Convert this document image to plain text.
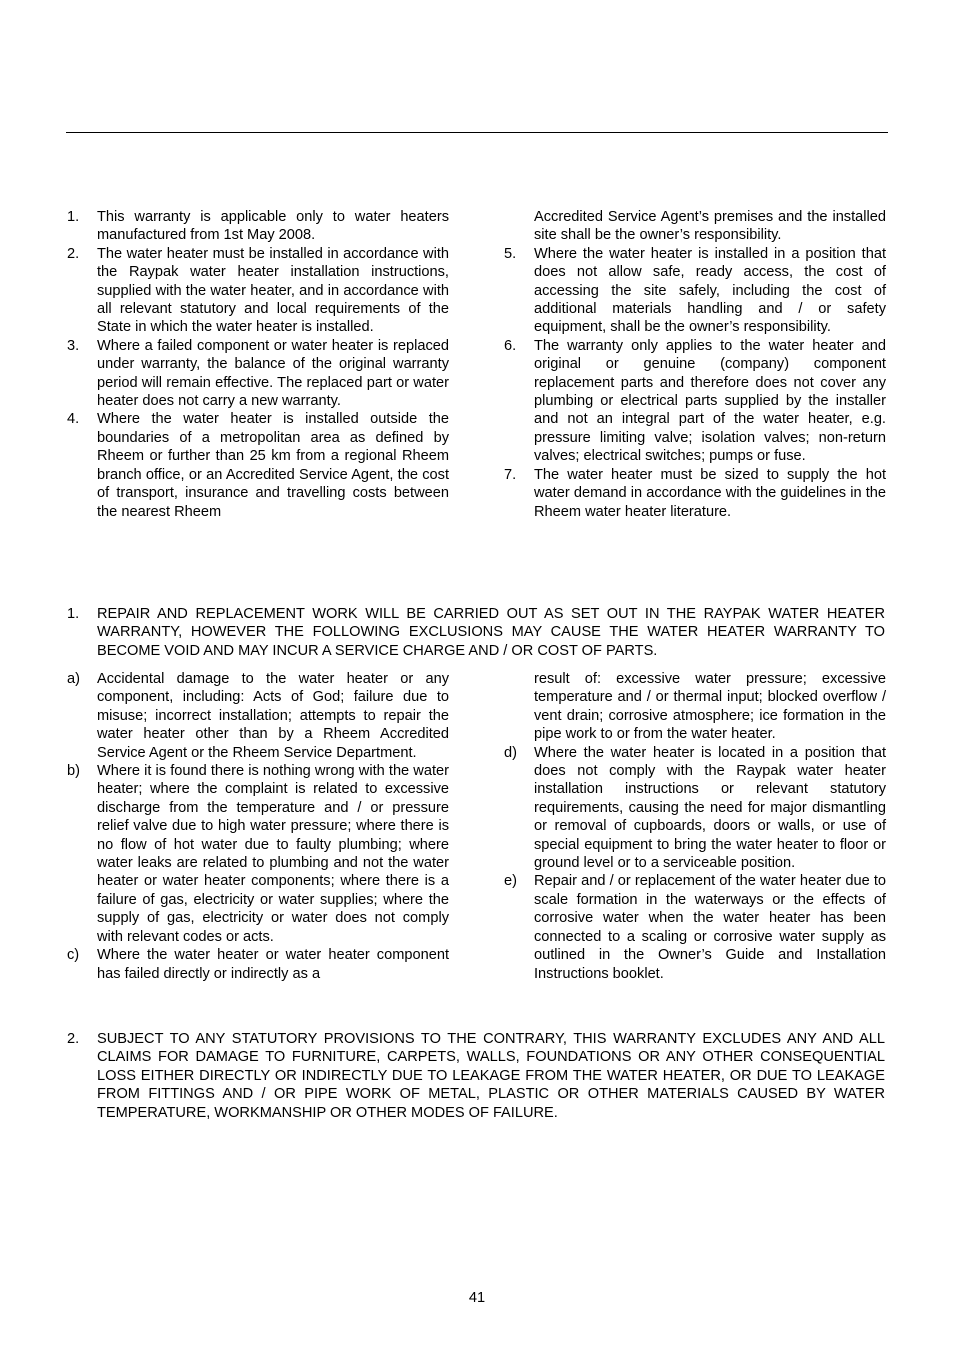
1. This warranty is applicable only to water heaters manufactured from 1st May 2008.
2. The water heater must be installed in accordance with the Raypak water heater installation instructions, supplied with the water heater, and in accordance with all relevant statutory and local requirements of the State in which the water heater is installed.
3. Where a failed component or water heater is replaced under warranty, the balance of the original warranty period will remain effective. The replaced part or water heater does not carry a new warranty.
4. Where the water heater is installed outside the boundaries of a metropolitan area as defined by Rheem or further than 25 km from a regional Rheem branch office, or an Accredited Service Agent, the cost of transport, insurance and travelling costs between the nearest Rheem
Accredited Service Agent’s premises and the installed site shall be the owner’s responsibility.
5. Where the water heater is installed in a position that does not allow safe, ready access, the cost of accessing the site safely, including the cost of additional materials handling and / or safety equipment, shall be the owner’s responsibility.
6. The warranty only applies to the water heater and original or genuine (company) component replacement parts and therefore does not cover any plumbing or electrical parts supplied by the installer and not an integral part of the water heater, e.g. pressure limiting valve; isolation valves; non-return valves; electrical switches; pumps or fuse.
7. The water heater must be sized to supply the hot water demand in accordance with the guidelines in the Rheem water heater literature.
1. REPAIR AND REPLACEMENT WORK WILL BE CARRIED OUT AS SET OUT IN THE RAYPAK WATER HEATER WARRANTY, HOWEVER THE FOLLOWING EXCLUSIONS MAY CAUSE THE WATER HEATER WARRANTY TO BECOME VOID AND MAY INCUR A SERVICE CHARGE AND / OR COST OF PARTS.
a) Accidental damage to the water heater or any component, including: Acts of God; failure due to misuse; incorrect installation; attempts to repair the water heater other than by a Rheem Accredited Service Agent or the Rheem Service Department.
b) Where it is found there is nothing wrong with the water heater; where the complaint is related to excessive discharge from the temperature and / or pressure relief valve due to high water pressure; where there is no flow of hot water due to faulty plumbing; where water leaks are related to plumbing and not the water heater or water heater components; where there is a failure of gas, electricity or water supplies; where the supply of gas, electricity or water does not comply with relevant codes or acts.
c) Where the water heater or water heater component has failed directly or indirectly as a
result of: excessive water pressure; excessive temperature and / or thermal input; blocked overflow / vent drain; corrosive atmosphere; ice formation in the pipe work to or from the water heater.
d) Where the water heater is located in a position that does not comply with the Raypak water heater installation instructions or relevant statutory requirements, causing the need for major dismantling or removal of cupboards, doors or walls, or use of special equipment to bring the water heater to floor or ground level or to a serviceable position.
e) Repair and / or replacement of the water heater due to scale formation in the waterways or the effects of corrosive water when the water heater has been connected to a scaling or corrosive water supply as outlined in the Owner’s Guide and Installation Instructions booklet.
2. SUBJECT TO ANY STATUTORY PROVISIONS TO THE CONTRARY, THIS WARRANTY EXCLUDES ANY AND ALL CLAIMS FOR DAMAGE TO FURNITURE, CARPETS, WALLS, FOUNDATIONS OR ANY OTHER CONSEQUENTIAL LOSS EITHER DIRECTLY OR INDIRECTLY DUE TO LEAKAGE FROM THE WATER HEATER, OR DUE TO LEAKAGE FROM FITTINGS AND / OR PIPE WORK OF METAL, PLASTIC OR OTHER MATERIALS CAUSED BY WATER TEMPERATURE, WORKMANSHIP OR OTHER MODES OF FAILURE.
41
